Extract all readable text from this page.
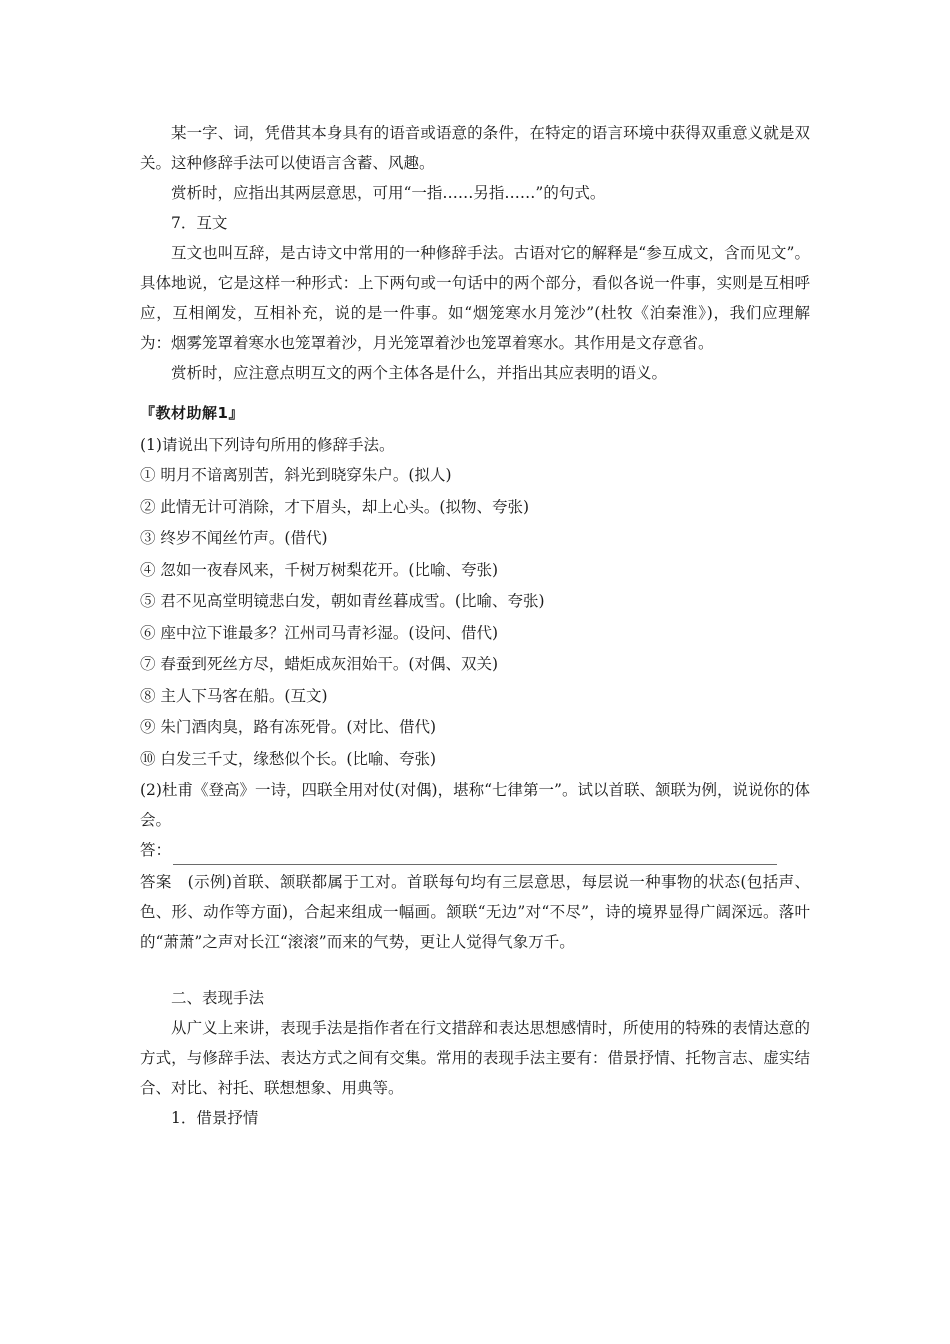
某一字、词，凭借其本身具有的语音或语意的条件，在特定的语言环境中获得双重意义就是双关。这种修辞手法可以使语言含蓄、风趣。

赏析时，应指出其两层意思，可用“一指……另指……”的句式。

7．互文

互文也叫互辞，是古诗文中常用的一种修辞手法。古语对它的解释是“参互成文，含而见文”。具体地说，它是这样一种形式：上下两句或一句话中的两个部分，看似各说一件事，实则是互相呼应，互相阐发，互相补充，说的是一件事。如“烟笼寒水月笼沙”(杜牧《泊秦淮》)，我们应理解为：烟雾笼罩着寒水也笼罩着沙，月光笼罩着沙也笼罩着寒水。其作用是文存意省。

赏析时，应注意点明互文的两个主体各是什么，并指出其应表明的语义。

『教材助解1』

(1)请说出下列诗句所用的修辞手法。

① 明月不谙离别苦，斜光到晓穿朱户。(拟人)
② 此情无计可消除，才下眉头，却上心头。(拟物、夸张)
③ 终岁不闻丝竹声。(借代)
④ 忽如一夜春风来，千树万树梨花开。(比喻、夸张)
⑤ 君不见高堂明镜悲白发，朝如青丝暮成雪。(比喻、夸张)
⑥ 座中泣下谁最多？江州司马青衫湿。(设问、借代)
⑦ 春蚕到死丝方尽，蜡炬成灰泪始干。(对偶、双关)
⑧ 主人下马客在船。(互文)
⑨ 朱门酒肉臭，路有冻死骨。(对比、借代)
⑩ 白发三千丈，缘愁似个长。(比喻、夸张)

(2)杜甫《登高》一诗，四联全用对仗(对偶)，堪称“七律第一”。试以首联、颔联为例，说说你的体会。

答：

答案　(示例)首联、颔联都属于工对。首联每句均有三层意思，每层说一种事物的状态(包括声、色、形、动作等方面)，合起来组成一幅画。颔联“无边”对“不尽”，诗的境界显得广阔深远。落叶的“萧萧”之声对长江“滚滚”而来的气势，更让人觉得气象万千。

二、表现手法

从广义上来讲，表现手法是指作者在行文措辞和表达思想感情时，所使用的特殊的表情达意的方式，与修辞手法、表达方式之间有交集。常用的表现手法主要有：借景抒情、托物言志、虚实结合、对比、衬托、联想想象、用典等。

1．借景抒情
